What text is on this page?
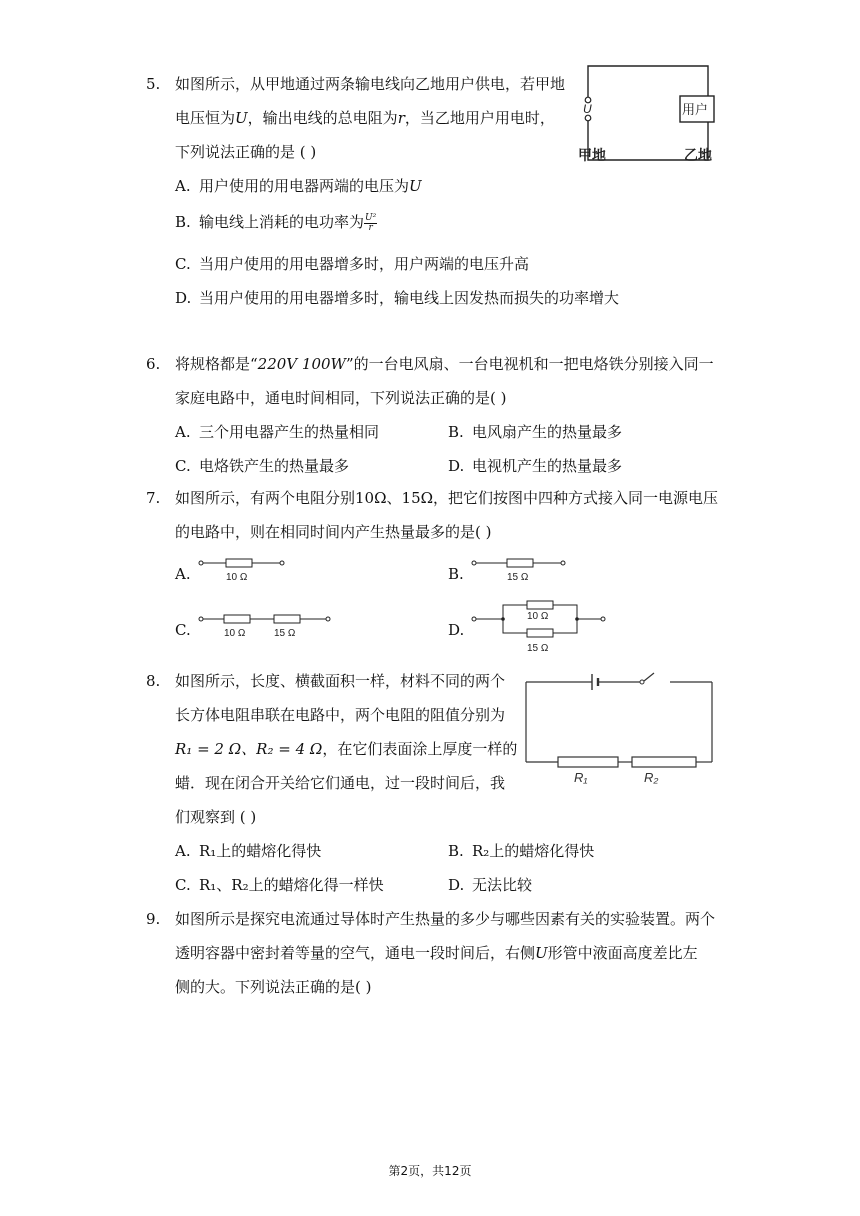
5. 如图所示，从甲地通过两条输电线向乙地用户供电，若甲地
电压恒为U，输出电线的总电阻为r，当乙地用户用电时，
下列说法正确的是 ( )
A. 用户使用的用电器两端的电压为U
B. 输电线上消耗的电功率为 $\frac{\text{U²}}{r}$
C. 当用户使用的用电器增多时，用户两端的电压升高
D. 当用户使用的用电器增多时，输电线上因发热而损失的功率增大
U	用户
甲地	乙地
6. 将规格都是“220V 100W”的一台电风扇、一台电视机和一把电烙铁分别接入同一
家庭电路中，通电时间相同，下列说法正确的是( )
A. 三个用电器产生的热量相同	B. 电风扇产生的热量最多
C. 电烙铁产生的热量最多	D. 电视机产生的热量最多
7. 如图所示，有两个电阻分别10Ω、15Ω，把它们按图中四种方式接入同一电源电压
的电路中，则在相同时间内产生热量最多的是( )
A.	B.
C.	D.
10 Ω	15 Ω
10 Ω	15 Ω
10 Ω
15 Ω
8. 如图所示，长度、横截面积一样，材料不同的两个
长方体电阻串联在电路中，两个电阻的阻值分别为
R₁ = 2 Ω、R₂ = 4 Ω，在它们表面涂上厚度一样的
蜡．现在闭合开关给它们通电，过一段时间后，我
们观察到 ( )
A. R₁上的蜡熔化得快	B. R₂上的蜡熔化得快
C. R₁、R₂上的蜡熔化得一样快	D. 无法比较
R₁	R₂
9. 如图所示是探究电流通过导体时产生热量的多少与哪些因素有关的实验装置。两个
透明容器中密封着等量的空气，通电一段时间后，右侧U形管中液面高度差比左
侧的大。下列说法正确的是( )
第2页，共12页
